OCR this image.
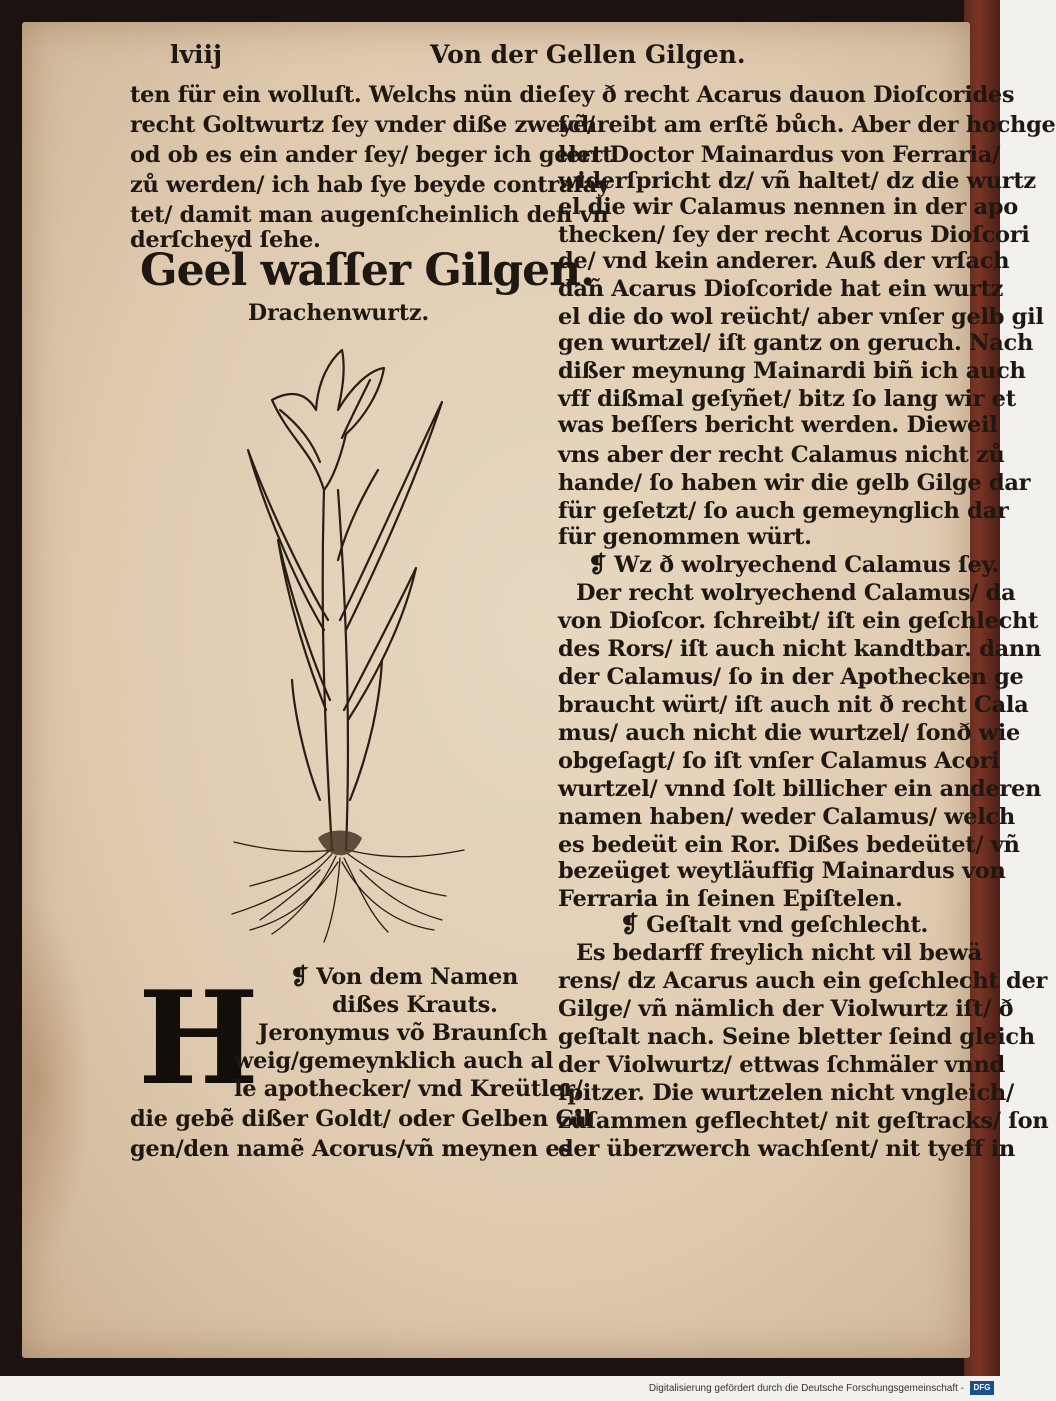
lviij	Von der Gellen Gilgen.
ten für ein wolluſt. Welchs nün die
recht Goltwurtz ſey vnder diße zweyẽ/
od ob es ein ander ſey/ beger ich gelert
zů werden/ ich hab ſye beyde contrafay
tet/ damit man augenſcheinlich den vn
derſcheyd ſehe.
Geel waſſer Gilgen.
Drachenwurtz.
H ❡ Von dem Namen
dißes Krauts.
Jeronymus võ Braunſch
weig/gemeynklich auch al
le apothecker/ vnd Kreütler/
die gebẽ dißer Goldt/ oder Gelben Gil
gen/den namẽ Acorus/vñ meynen es
ſey ð recht Acarus dauon Dioſcorides
ſchreibt am erſtẽ bůch. Aber der hochge
lert Doctor Mainardus von Ferraria/
widerſpricht dz/ vñ haltet/ dz die wurtz
el die wir Calamus nennen in der apo
thecken/ ſey der recht Acorus Dioſcori
de/ vnd kein anderer. Auß der vrſach
dañ Acarus Dioſcoride hat ein wurtz
el die do wol reücht/ aber vnſer gelb gil
gen wurtzel/ iſt gantz on geruch. Nach
dißer meynung Mainardi biñ ich auch
vff dißmal geſyñet/ bitz ſo lang wir et
was beſſers bericht werden. Dieweil
vns aber der recht Calamus nicht zů
hande/ ſo haben wir die gelb Gilge dar
für geſetzt/ ſo auch gemeynglich dar
für genommen würt.
❡ Wz ð wolryechend Calamus ſey.
Der recht wolryechend Calamus/ da
von Dioſcor. ſchreibt/ iſt ein geſchlecht
des Rors/ iſt auch nicht kandtbar. dann
der Calamus/ ſo in der Apothecken ge
braucht würt/ iſt auch nit ð recht Cala
mus/ auch nicht die wurtzel/ ſonð wie
obgeſagt/ ſo iſt vnſer Calamus Acori
wurtzel/ vnnd ſolt billicher ein anderen
namen haben/ weder Calamus/ welch
es bedeüt ein Ror. Dißes bedeütet/ vñ
bezeüget weytläuffig Mainardus von
Ferraria in ſeinen Epiſtelen.
❡ Geſtalt vnd geſchlecht.
Es bedarff freylich nicht vil bewä
rens/ dz Acarus auch ein geſchlecht der
Gilge/ vñ nämlich der Violwurtz iſt/ ð
geſtalt nach. Seine bletter ſeind gleich
der Violwurtz/ ettwas ſchmäler vnnd
ſpitzer. Die wurtzelen nicht vngleich/
zůſammen geflechtet/ nit geſtracks/ ſon
der überzwerch wachſent/ nit tyeff in
Digitalisierung gefördert durch die Deutsche Forschungsgemeinschaft -	DFG
